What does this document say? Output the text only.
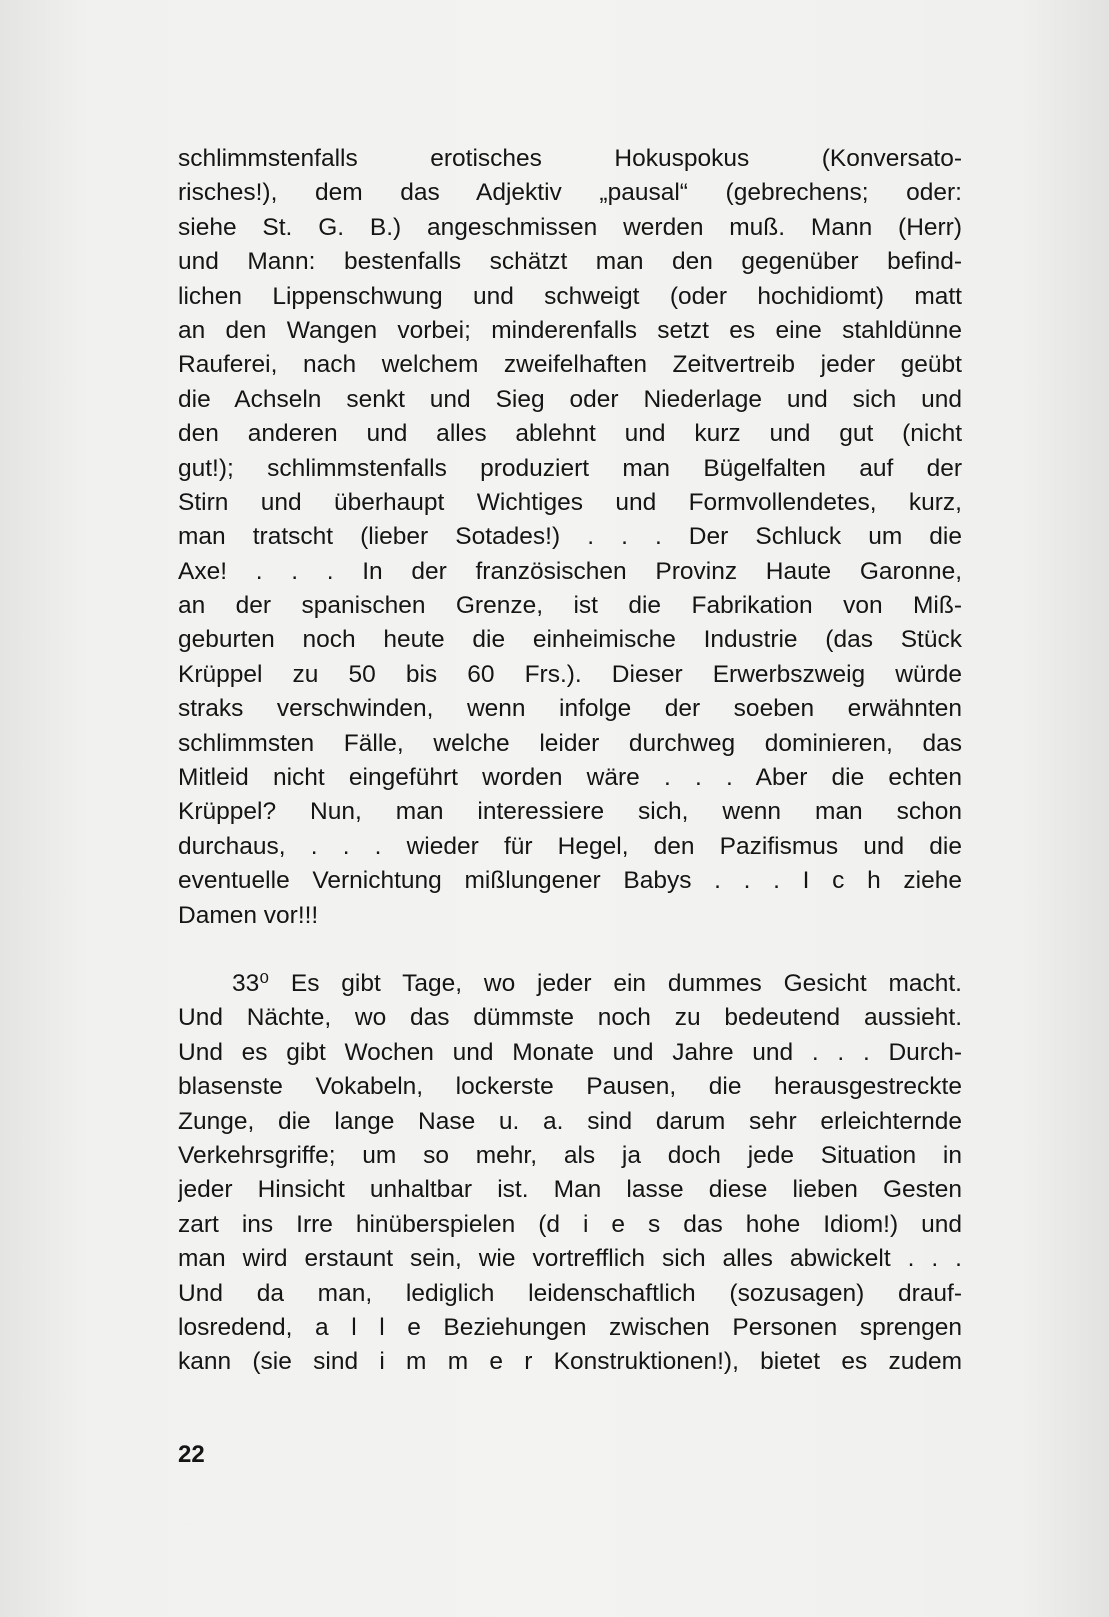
schlimmstenfalls erotisches Hokuspokus (Konversato-
risches!), dem das Adjektiv „pausal“ (gebrechens; oder:
siehe St. G. B.) angeschmissen werden muß. Mann (Herr)
und Mann: bestenfalls schätzt man den gegenüber befind-
lichen Lippenschwung und schweigt (oder hochidiomt) matt
an den Wangen vorbei; minderenfalls setzt es eine stahldünne
Rauferei, nach welchem zweifelhaften Zeitvertreib jeder geübt
die Achseln senkt und Sieg oder Niederlage und sich und
den anderen und alles ablehnt und kurz und gut (nicht
gut!); schlimmstenfalls produziert man Bügelfalten auf der
Stirn und überhaupt Wichtiges und Formvollendetes, kurz,
man tratscht (lieber Sotades!) . . . Der Schluck um die
Axe! . . . In der französischen Provinz Haute Garonne,
an der spanischen Grenze, ist die Fabrikation von Miß-
geburten noch heute die einheimische Industrie (das Stück
Krüppel zu 50 bis 60 Frs.). Dieser Erwerbszweig würde
straks verschwinden, wenn infolge der soeben erwähnten
schlimmsten Fälle, welche leider durchweg dominieren, das
Mitleid nicht eingeführt worden wäre . . . Aber die echten
Krüppel? Nun, man interessiere sich, wenn man schon
durchaus, . . . wieder für Hegel, den Pazifismus und die
eventuelle Vernichtung mißlungener Babys . . . I c h ziehe
Damen vor!!!
33⁰ Es gibt Tage, wo jeder ein dummes Gesicht macht.
Und Nächte, wo das dümmste noch zu bedeutend aussieht.
Und es gibt Wochen und Monate und Jahre und . . . Durch-
blasenste Vokabeln, lockerste Pausen, die herausgestreckte
Zunge, die lange Nase u. a. sind darum sehr erleichternde
Verkehrsgriffe; um so mehr, als ja doch jede Situation in
jeder Hinsicht unhaltbar ist. Man lasse diese lieben Gesten
zart ins Irre hinüberspielen (d i e s das hohe Idiom!) und
man wird erstaunt sein, wie vortrefflich sich alles abwickelt . . .
Und da man, lediglich leidenschaftlich (sozusagen) drauf-
losredend, a l l e Beziehungen zwischen Personen sprengen
kann (sie sind i m m e r Konstruktionen!), bietet es zudem
22
